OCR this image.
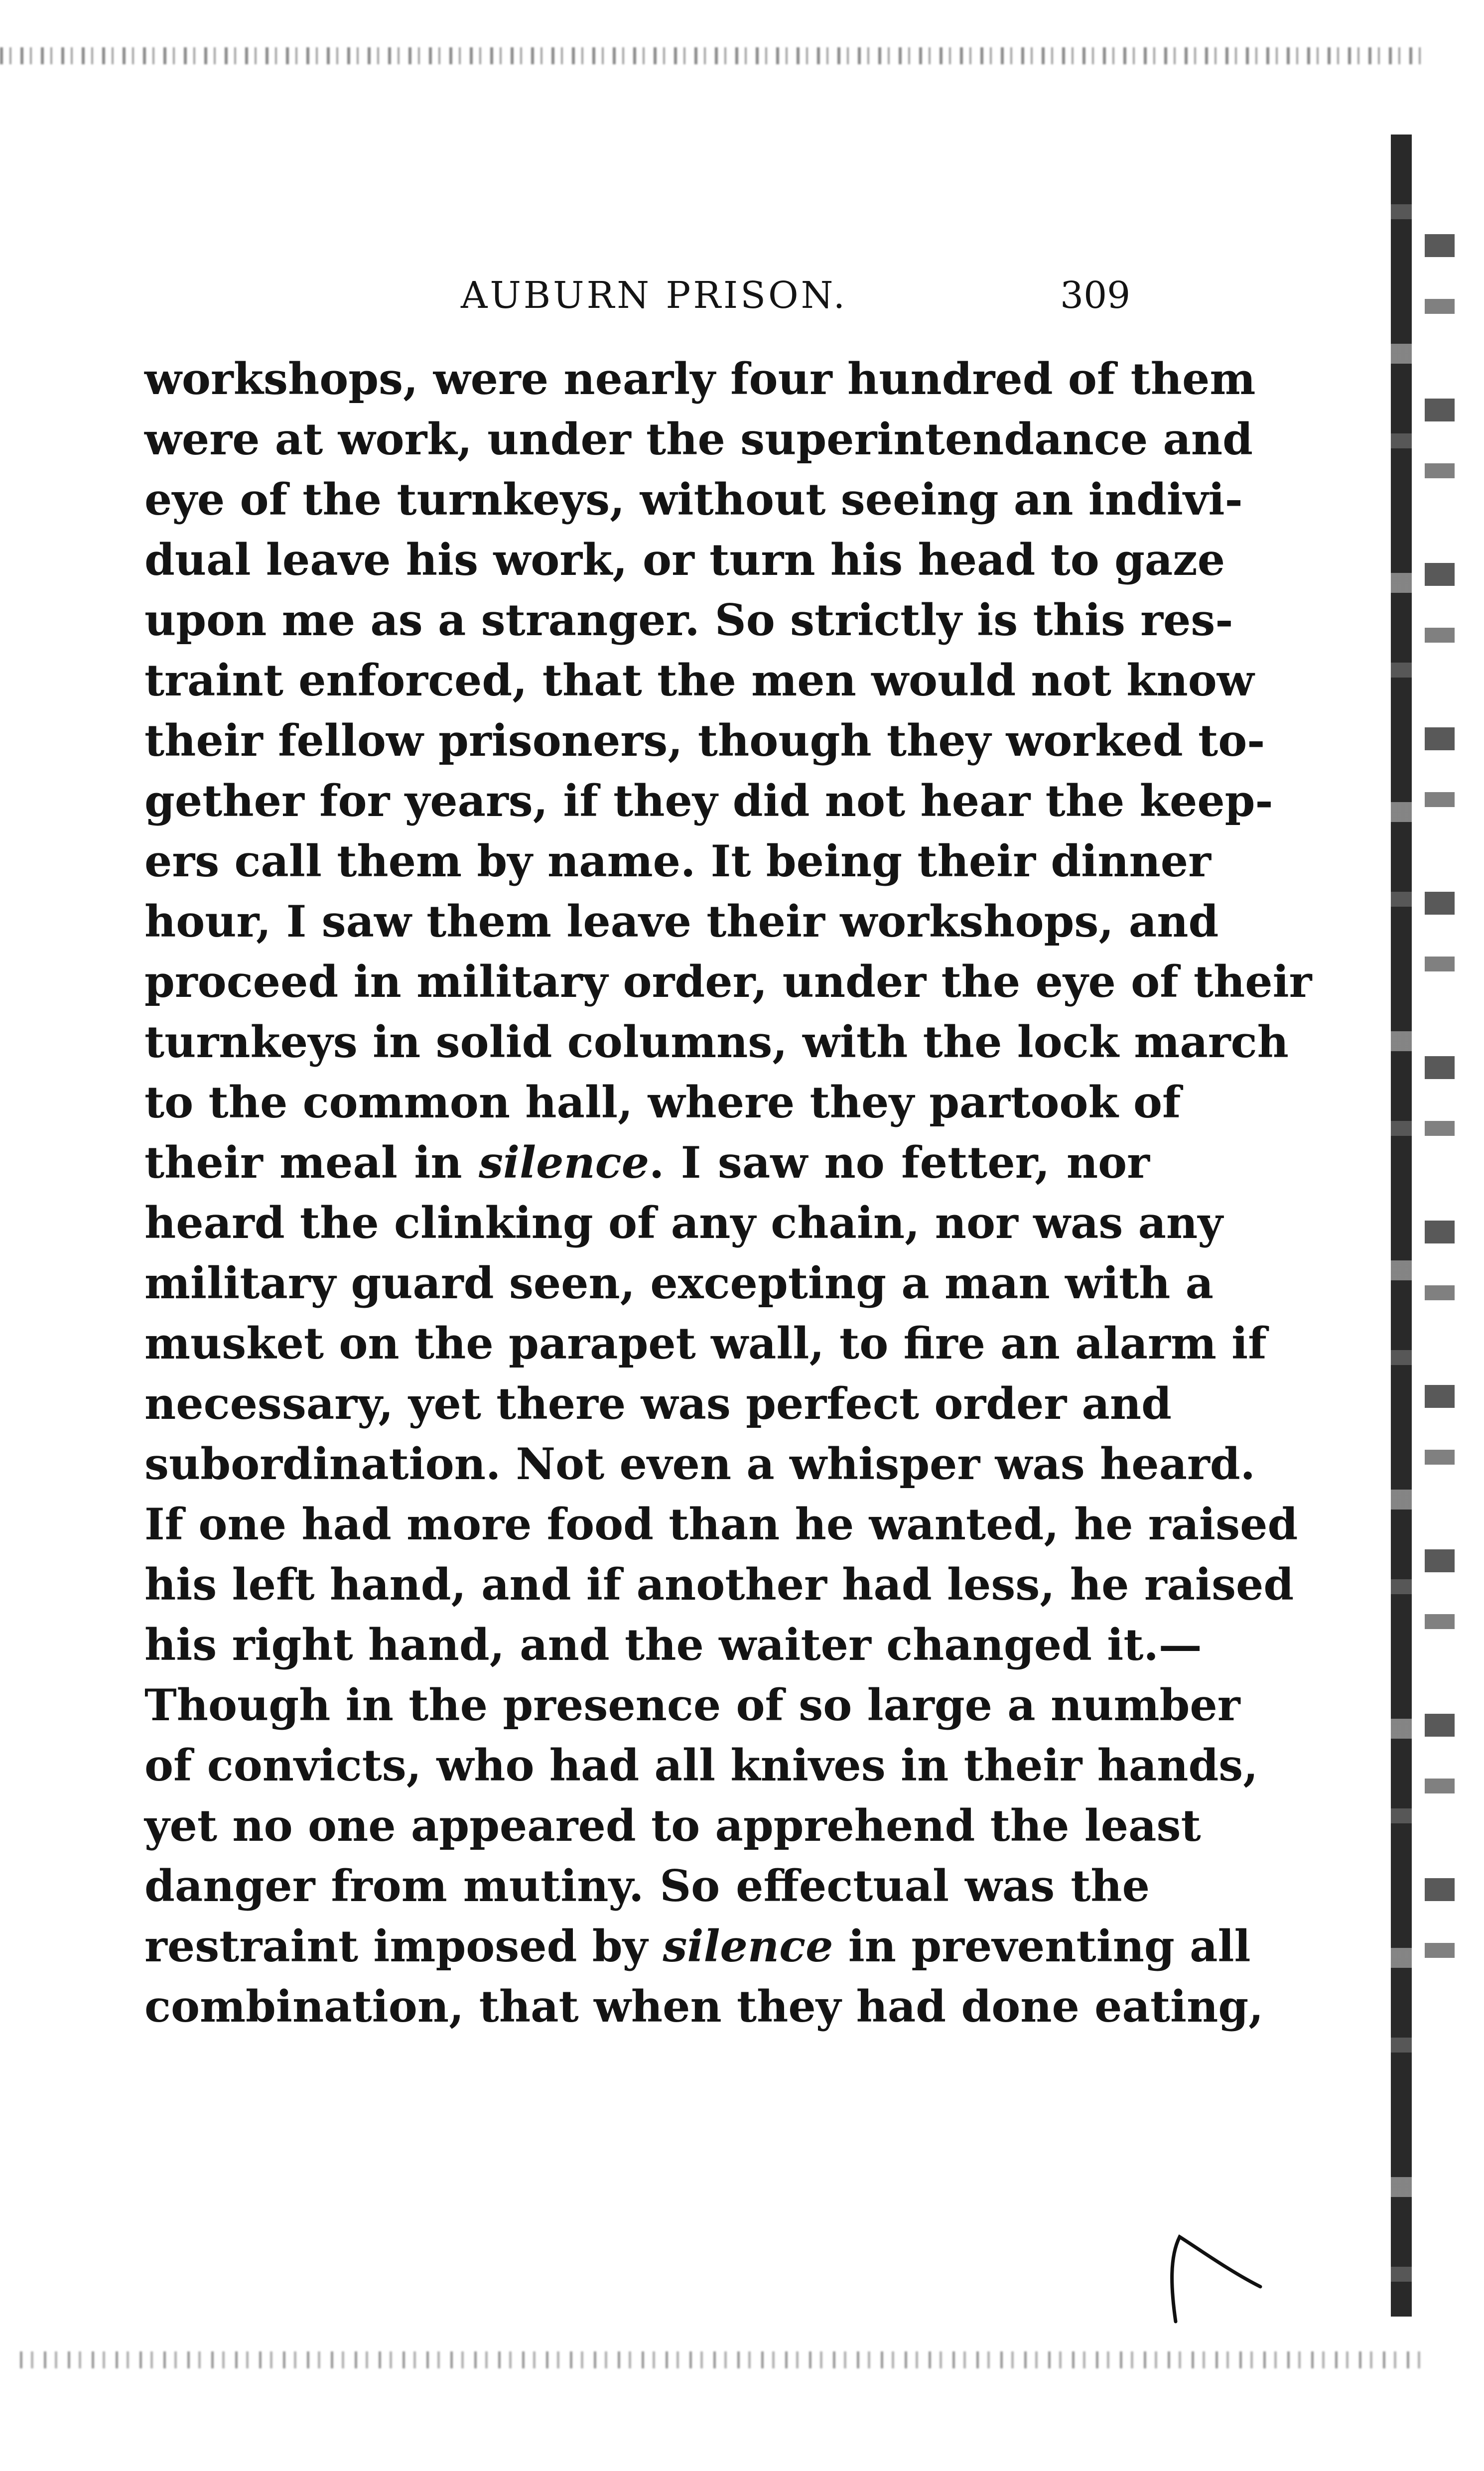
AUBURN PRISON.	309
workshops, were nearly four hundred of them
were at work, under the superintendance and
eye of the turnkeys, without seeing an indivi-
dual leave his work, or turn his head to gaze
upon me as a stranger. So strictly is this res-
traint enforced, that the men would not know
their fellow prisoners, though they worked to-
gether for years, if they did not hear the keep-
ers call them by name. It being their dinner
hour, I saw them leave their workshops, and
proceed in military order, under the eye of their
turnkeys in solid columns, with the lock march
to the common hall, where they partook of
their meal in silence. I saw no fetter, nor
heard the clinking of any chain, nor was any
military guard seen, excepting a man with a
musket on the parapet wall, to fire an alarm if
necessary, yet there was perfect order and
subordination. Not even a whisper was heard.
If one had more food than he wanted, he raised
his left hand, and if another had less, he raised
his right hand, and the waiter changed it.—
Though in the presence of so large a number
of convicts, who had all knives in their hands,
yet no one appeared to apprehend the least
danger from mutiny. So effectual was the
restraint imposed by silence in preventing all
combination, that when they had done eating,
